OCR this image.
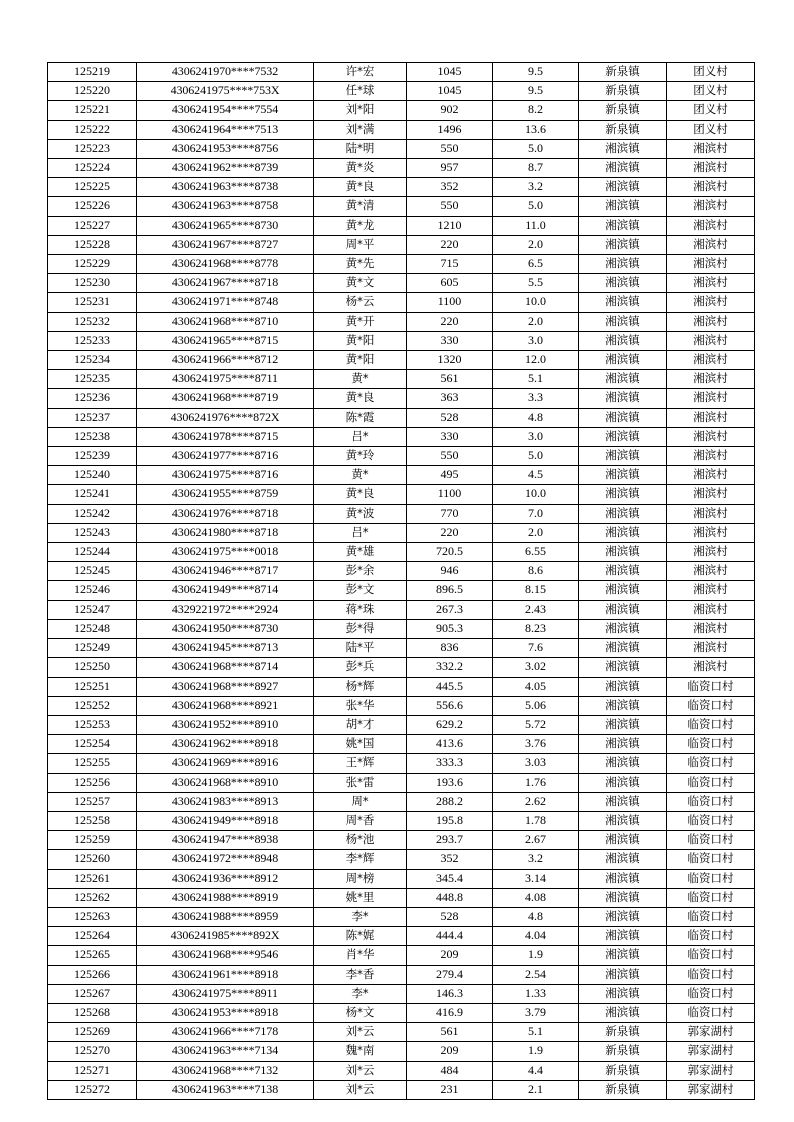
125219	4306241970****7532	许*宏	1045	9.5	新泉镇	团义村
125220	4306241975****753X	任*球	1045	9.5	新泉镇	团义村
125221	4306241954****7554	刘*阳	902	8.2	新泉镇	团义村
125222	4306241964****7513	刘*满	1496	13.6	新泉镇	团义村
125223	4306241953****8756	陆*明	550	5.0	湘滨镇	湘滨村
125224	4306241962****8739	黄*炎	957	8.7	湘滨镇	湘滨村
125225	4306241963****8738	黄*良	352	3.2	湘滨镇	湘滨村
125226	4306241963****8758	黄*清	550	5.0	湘滨镇	湘滨村
125227	4306241965****8730	黄*龙	1210	11.0	湘滨镇	湘滨村
125228	4306241967****8727	周*平	220	2.0	湘滨镇	湘滨村
125229	4306241968****8778	黄*先	715	6.5	湘滨镇	湘滨村
125230	4306241967****8718	黄*文	605	5.5	湘滨镇	湘滨村
125231	4306241971****8748	杨*云	1100	10.0	湘滨镇	湘滨村
125232	4306241968****8710	黄*开	220	2.0	湘滨镇	湘滨村
125233	4306241965****8715	黄*阳	330	3.0	湘滨镇	湘滨村
125234	4306241966****8712	黄*阳	1320	12.0	湘滨镇	湘滨村
125235	4306241975****8711	黄*	561	5.1	湘滨镇	湘滨村
125236	4306241968****8719	黄*良	363	3.3	湘滨镇	湘滨村
125237	4306241976****872X	陈*霞	528	4.8	湘滨镇	湘滨村
125238	4306241978****8715	吕*	330	3.0	湘滨镇	湘滨村
125239	4306241977****8716	黄*玲	550	5.0	湘滨镇	湘滨村
125240	4306241975****8716	黄*	495	4.5	湘滨镇	湘滨村
125241	4306241955****8759	黄*良	1100	10.0	湘滨镇	湘滨村
125242	4306241976****8718	黄*波	770	7.0	湘滨镇	湘滨村
125243	4306241980****8718	吕*	220	2.0	湘滨镇	湘滨村
125244	4306241975****0018	黄*雄	720.5	6.55	湘滨镇	湘滨村
125245	4306241946****8717	彭*余	946	8.6	湘滨镇	湘滨村
125246	4306241949****8714	彭*文	896.5	8.15	湘滨镇	湘滨村
125247	4329221972****2924	蒋*珠	267.3	2.43	湘滨镇	湘滨村
125248	4306241950****8730	彭*得	905.3	8.23	湘滨镇	湘滨村
125249	4306241945****8713	陆*平	836	7.6	湘滨镇	湘滨村
125250	4306241968****8714	彭*兵	332.2	3.02	湘滨镇	湘滨村
125251	4306241968****8927	杨*辉	445.5	4.05	湘滨镇	临资口村
125252	4306241968****8921	张*华	556.6	5.06	湘滨镇	临资口村
125253	4306241952****8910	胡*才	629.2	5.72	湘滨镇	临资口村
125254	4306241962****8918	姚*国	413.6	3.76	湘滨镇	临资口村
125255	4306241969****8916	王*辉	333.3	3.03	湘滨镇	临资口村
125256	4306241968****8910	张*雷	193.6	1.76	湘滨镇	临资口村
125257	4306241983****8913	周*	288.2	2.62	湘滨镇	临资口村
125258	4306241949****8918	周*香	195.8	1.78	湘滨镇	临资口村
125259	4306241947****8938	杨*池	293.7	2.67	湘滨镇	临资口村
125260	4306241972****8948	李*辉	352	3.2	湘滨镇	临资口村
125261	4306241936****8912	周*榜	345.4	3.14	湘滨镇	临资口村
125262	4306241988****8919	姚*里	448.8	4.08	湘滨镇	临资口村
125263	4306241988****8959	李*	528	4.8	湘滨镇	临资口村
125264	4306241985****892X	陈*娓	444.4	4.04	湘滨镇	临资口村
125265	4306241968****9546	肖*华	209	1.9	湘滨镇	临资口村
125266	4306241961****8918	李*香	279.4	2.54	湘滨镇	临资口村
125267	4306241975****8911	李*	146.3	1.33	湘滨镇	临资口村
125268	4306241953****8918	杨*文	416.9	3.79	湘滨镇	临资口村
125269	4306241966****7178	刘*云	561	5.1	新泉镇	郭家湖村
125270	4306241963****7134	魏*南	209	1.9	新泉镇	郭家湖村
125271	4306241968****7132	刘*云	484	4.4	新泉镇	郭家湖村
125272	4306241963****7138	刘*云	231	2.1	新泉镇	郭家湖村
